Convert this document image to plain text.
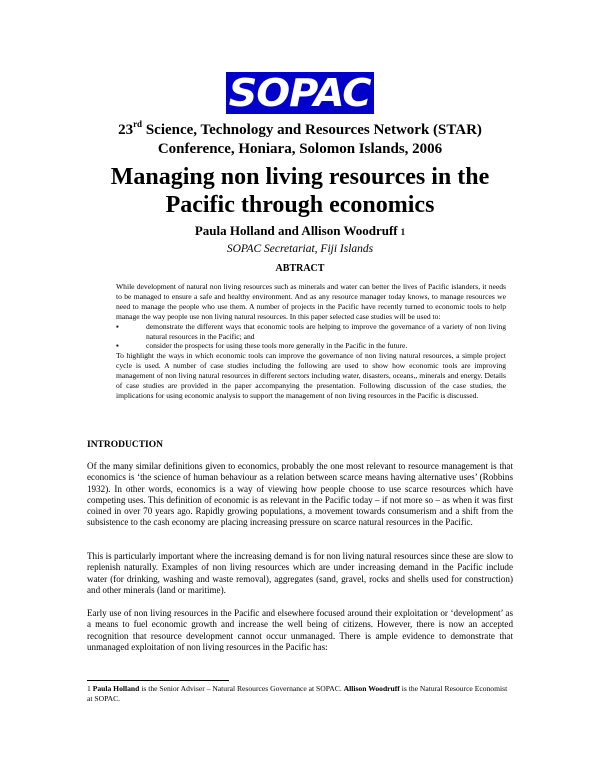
SOPAC
23rd Science, Technology and Resources Network (STAR)
Conference, Honiara, Solomon Islands, 2006
Managing non living resources in the
Pacific through economics
Paula Holland and Allison Woodruff 1
SOPAC Secretariat, Fiji Islands
ABTRACT

While development of natural non living resources such as minerals and water can better the lives of Pacific islanders, it needs to be managed to ensure a safe and healthy environment. And as any resource manager today knows, to manage resources we need to manage the people who use them. A number of projects in the Pacific have recently turned to economic tools to help manage the way people use non living natural resources. In this paper selected case studies will be used to:

▪	demonstrate the different ways that economic tools are helping to improve the governance of a variety of non living natural resources in the Pacific; and

▪	consider the prospects for using these tools more generally in the Pacific in the future.

To highlight the ways in which economic tools can improve the governance of non living natural resources, a simple project cycle is used. A number of case studies including the following are used to show how economic tools are improving management of non living natural resources in different sectors including water, disasters, oceans,, minerals and energy. Details of case studies are provided in the paper accompanying the presentation. Following discussion of the case studies, the implications for using economic analysis to support the management of non living resources in the Pacific is discussed.

INTRODUCTION

Of the many similar definitions given to economics, probably the one most relevant to resource management is that economics is ‘the science of human behaviour as a relation between scarce means having alternative uses’ (Robbins 1932). In other words, economics is a way of viewing how people choose to use scarce resources which have competing uses. This definition of economic is as relevant in the Pacific today – if not more so – as when it was first coined in over 70 years ago. Rapidly growing populations, a movement towards consumerism and a shift from the subsistence to the cash economy are placing increasing pressure on scarce natural resources in the Pacific.

This is particularly important where the increasing demand is for non living natural resources since these are slow to replenish naturally. Examples of non living resources which are under increasing demand in the Pacific include water (for drinking, washing and waste removal), aggregates (sand, gravel, rocks and shells used for construction) and other minerals (land or maritime).

Early use of non living resources in the Pacific and elsewhere focused around their exploitation or ‘development’ as a means to fuel economic growth and increase the well being of citizens. However, there is now an accepted recognition that resource development cannot occur unmanaged. There is ample evidence to demonstrate that unmanaged exploitation of non living resources in the Pacific has:

1 Paula Holland is the Senior Adviser – Natural Resources Governance at SOPAC. Allison Woodruff is the Natural Resource Economist at SOPAC.
